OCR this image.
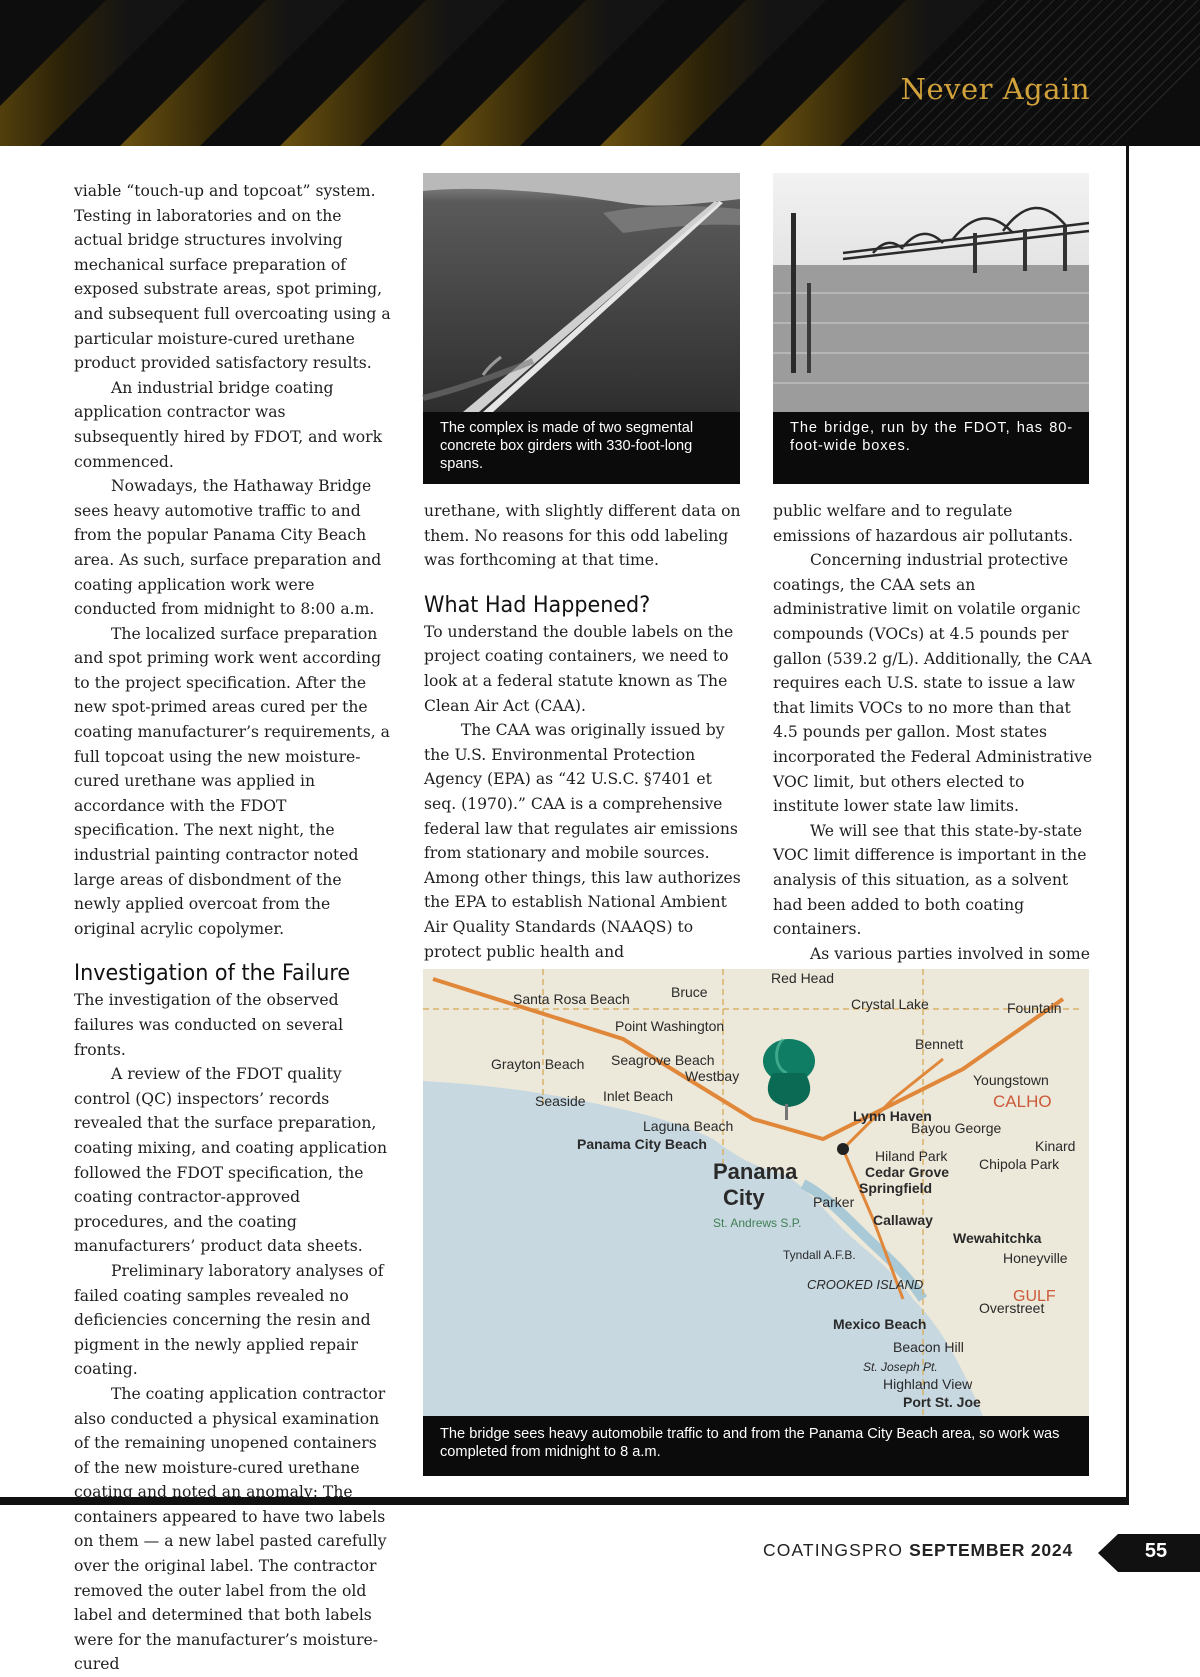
Never Again

viable “touch-up and topcoat” system. Testing in laboratories and on the actual bridge structures involving mechanical surface preparation of exposed substrate areas, spot priming, and subsequent full overcoating using a particular moisture-cured urethane product provided satisfactory results.

An industrial bridge coating application contractor was subsequently hired by FDOT, and work commenced.

Nowadays, the Hathaway Bridge sees heavy automotive traffic to and from the popular Panama City Beach area. As such, surface preparation and coating application work were conducted from midnight to 8:00 a.m.

The localized surface preparation and spot priming work went according to the project specification. After the new spot-primed areas cured per the coating manufacturer’s requirements, a full topcoat using the new moisture-cured urethane was applied in accordance with the FDOT specification. The next night, the industrial painting contractor noted large areas of disbondment of the newly applied overcoat from the original acrylic copolymer.

Investigation of the Failure

The investigation of the observed failures was conducted on several fronts.

A review of the FDOT quality control (QC) inspectors’ records revealed that the surface preparation, coating mixing, and coating application followed the FDOT specification, the coating contractor-approved procedures, and the coating manufacturers’ product data sheets.

Preliminary laboratory analyses of failed coating samples revealed no deficiencies concerning the resin and pigment in the newly applied repair coating.

The coating application contractor also conducted a physical examination of the remaining unopened containers of the new moisture-cured urethane coating and noted an anomaly: The containers appeared to have two labels on them — a new label pasted carefully over the original label. The contractor removed the outer label from the old label and determined that both labels were for the manufacturer’s moisture-cured

The complex is made of two segmental concrete box girders with 330-foot-long spans.
The bridge, run by the FDOT, has 80-foot-wide boxes.

urethane, with slightly different data on them. No reasons for this odd labeling was forthcoming at that time.

What Had Happened?

To understand the double labels on the project coating containers, we need to look at a federal statute known as The Clean Air Act (CAA).

The CAA was originally issued by the U.S. Environmental Protection Agency (EPA) as “42 U.S.C. §7401 et seq. (1970).” CAA is a comprehensive federal law that regulates air emissions from stationary and mobile sources. Among other things, this law authorizes the EPA to establish National Ambient Air Quality Standards (NAAQS) to protect public health and

public welfare and to regulate emissions of hazardous air pollutants.

Concerning industrial protective coatings, the CAA sets an administrative limit on volatile organic compounds (VOCs) at 4.5 pounds per gallon (539.2 g/L). Additionally, the CAA requires each U.S. state to issue a law that limits VOCs to no more than that 4.5 pounds per gallon. Most states incorporated the Federal Administrative VOC limit, but others elected to institute lower state law limits.

We will see that this state-by-state VOC limit difference is important in the analysis of this situation, as a solvent had been added to both coating containers.

As various parties involved in some

Red Head
Bruce
Santa Rosa Beach
Point Washington
Grayton Beach Seagrove Beach
Westbay
Seaside Inlet Beach
Laguna Beach
Panama City Beach
Panama
City
Crystal Lake
Bennett
Fountain
Youngstown
CALHO
Lynn Haven
Bayou George
Kinard
Hiland Park
Cedar Grove
Springfield
Chipola Park
Parker
Callaway
Wewahitchka
St. Andrews S.P.
Tyndall A.F.B.
CROOKED ISLAND
Mexico Beach
Beacon Hill
St. Joseph Pt.
Highland View
Port St. Joe
GULF
Overstreet
Honeyville
The bridge sees heavy automobile traffic to and from the Panama City Beach area, so work was completed from midnight to 8 a.m.
COATINGSPRO SEPTEMBER 2024	55
